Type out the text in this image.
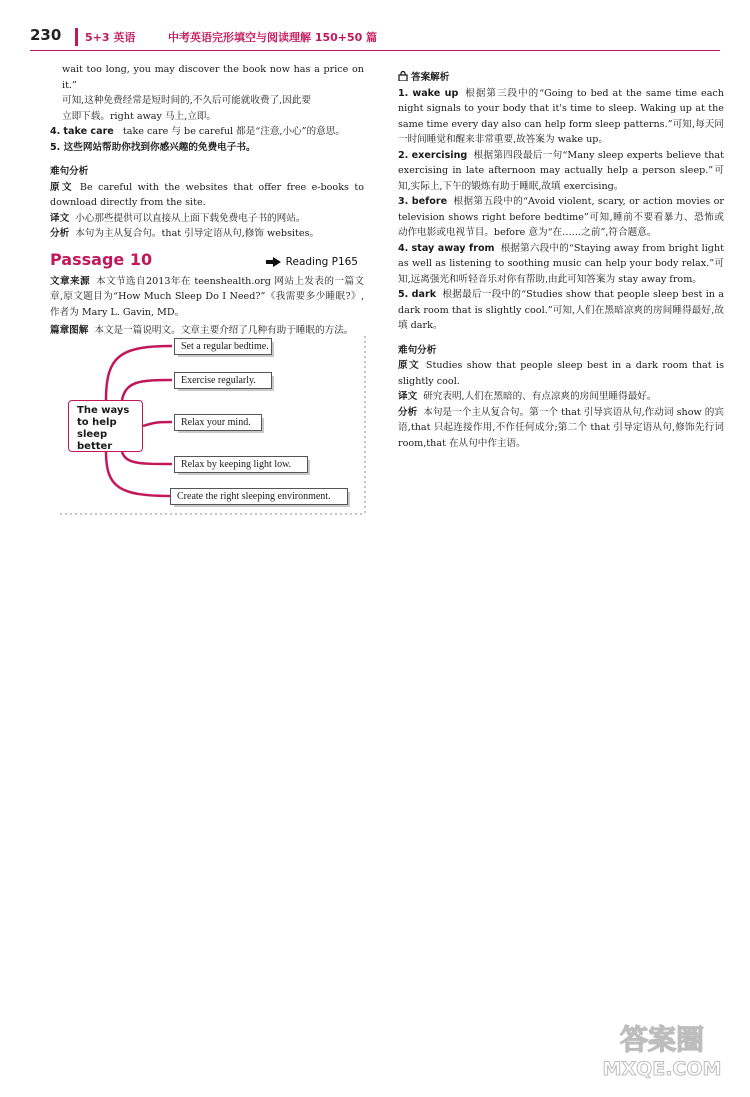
230 5+3 英语	中考英语完形填空与阅读理解 150+50 篇

wait too long, you may discover the book now has a price on it.”

可知,这种免费经常是短时间的,不久后可能就收费了,因此要

立即下载。right away 马上,立即。

4. take care take care 与 be careful 都是“注意,小心”的意思。

5. 这些网站帮助你找到你感兴趣的免费电子书。

难句分析

原文 Be careful with the websites that offer free e-books to download directly from the site.

译文 小心那些提供可以直接从上面下载免费电子书的网站。

分析 本句为主从复合句。that 引导定语从句,修饰 websites。

Passage 10	Reading P165

文章来源 本文节选自2013年在 teenshealth.org 网站上发表的一篇文章,原文题目为“How Much Sleep Do I Need?”《我需要多少睡眠?》,作者为 Mary L. Gavin, MD。

篇章图解 本文是一篇说明文。文章主要介绍了几种有助于睡眠的方法。

The ways
to help
sleep better
Set a regular bedtime.
Exercise regularly.
Relax your mind.
Relax by keeping light low.
Create the right sleeping environment.
答案解析

1. wake up 根据第三段中的“Going to bed at the same time each night signals to your body that it's time to sleep. Waking up at the same time every day also can help form sleep patterns.”可知,每天同一时间睡觉和醒来非常重要,故答案为 wake up。

2. exercising 根据第四段最后一句“Many sleep experts believe that exercising in late afternoon may actually help a person sleep.”可知,实际上,下午的锻炼有助于睡眠,故填 exercising。

3. before 根据第五段中的“Avoid violent, scary, or action movies or television shows right before bedtime”可知,睡前不要看暴力、恐怖或动作电影或电视节目。before 意为“在……之前”,符合题意。

4. stay away from 根据第六段中的“Staying away from bright light as well as listening to soothing music can help your body relax.”可知,远离强光和听轻音乐对你有帮助,由此可知答案为 stay away from。

5. dark 根据最后一段中的“Studies show that people sleep best in a dark room that is slightly cool.”可知,人们在黑暗凉爽的房间睡得最好,故填 dark。

难句分析

原文 Studies show that people sleep best in a dark room that is slightly cool.

译文 研究表明,人们在黑暗的、有点凉爽的房间里睡得最好。

分析 本句是一个主从复合句。第一个 that 引导宾语从句,作动词 show 的宾语,that 只起连接作用,不作任何成分;第二个 that 引导定语从句,修饰先行词 room,that 在从句中作主语。

答案圈
MXQE.COM
